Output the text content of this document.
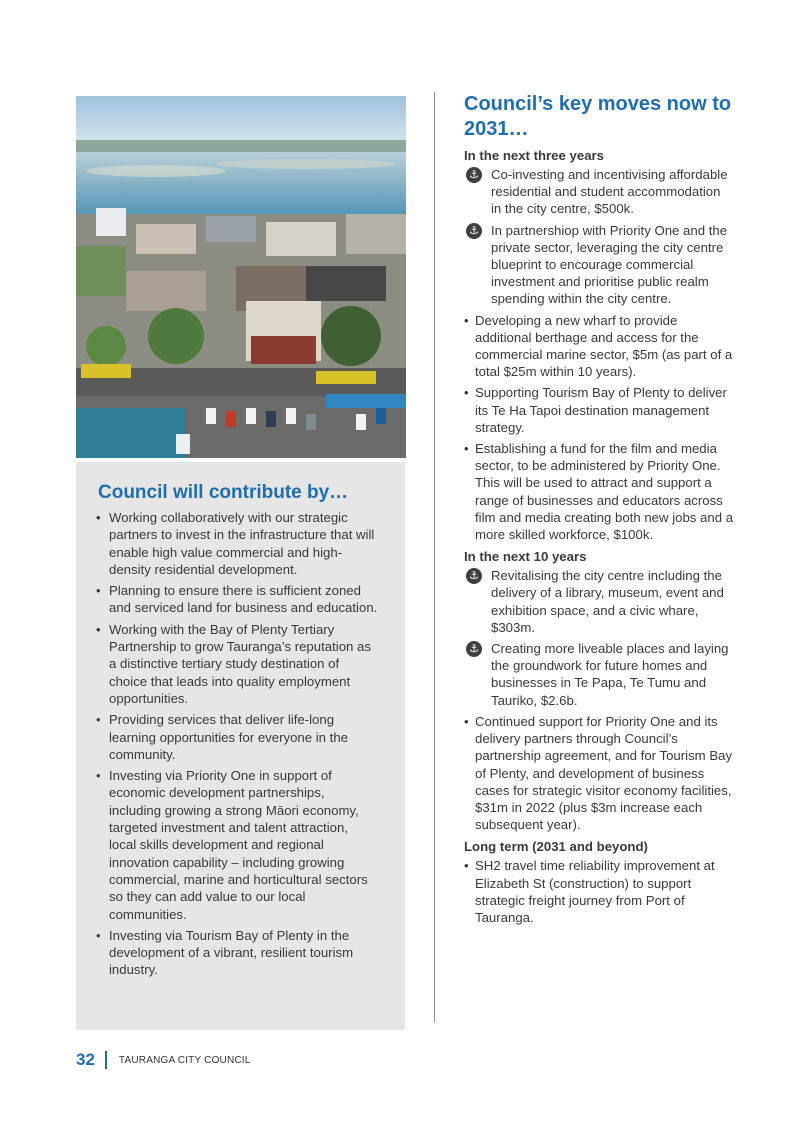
Council will contribute by…
• Working collaboratively with our strategic partners to invest in the infrastructure that will enable high value commercial and high-density residential development.
• Planning to ensure there is sufficient zoned and serviced land for business and education.
• Working with the Bay of Plenty Tertiary Partnership to grow Tauranga’s reputation as a distinctive tertiary study destination of choice that leads into quality employment opportunities.
• Providing services that deliver life-long learning opportunities for everyone in the community.
• Investing via Priority One in support of economic development partnerships, including growing a strong Māori economy, targeted investment and talent attraction, local skills development and regional innovation capability – including growing commercial, marine and horticultural sectors so they can add value to our local communities.
• Investing via Tourism Bay of Plenty in the development of a vibrant, resilient tourism industry.
Council’s key moves now to 2031…
In the next three years
⚓ Co-investing and incentivising affordable residential and student accommodation in the city centre, $500k.
⚓ In partnershiop with Priority One and the private sector, leveraging the city centre blueprint to encourage commercial investment and prioritise public realm spending within the city centre.
• Developing a new wharf to provide additional berthage and access for the commercial marine sector, $5m (as part of a total $25m within 10 years).
• Supporting Tourism Bay of Plenty to deliver its Te Ha Tapoi destination management strategy.
• Establishing a fund for the film and media sector, to be administered by Priority One. This will be used to attract and support a range of businesses and educators across film and media creating both new jobs and a more skilled workforce, $100k.
In the next 10 years
⚓ Revitalising the city centre including the delivery of a library, museum, event and exhibition space, and a civic whare, $303m.
⚓ Creating more liveable places and laying the groundwork for future homes and businesses in Te Papa, Te Tumu and Tauriko, $2.6b.
• Continued support for Priority One and its delivery partners through Council’s partnership agreement, and for Tourism Bay of Plenty, and development of business cases for strategic visitor economy facilities, $31m in 2022 (plus $3m increase each subsequent year).
Long term (2031 and beyond)
• SH2 travel time reliability improvement at Elizabeth St (construction) to support strategic freight journey from Port of Tauranga.
32 TAURANGA CITY COUNCIL
